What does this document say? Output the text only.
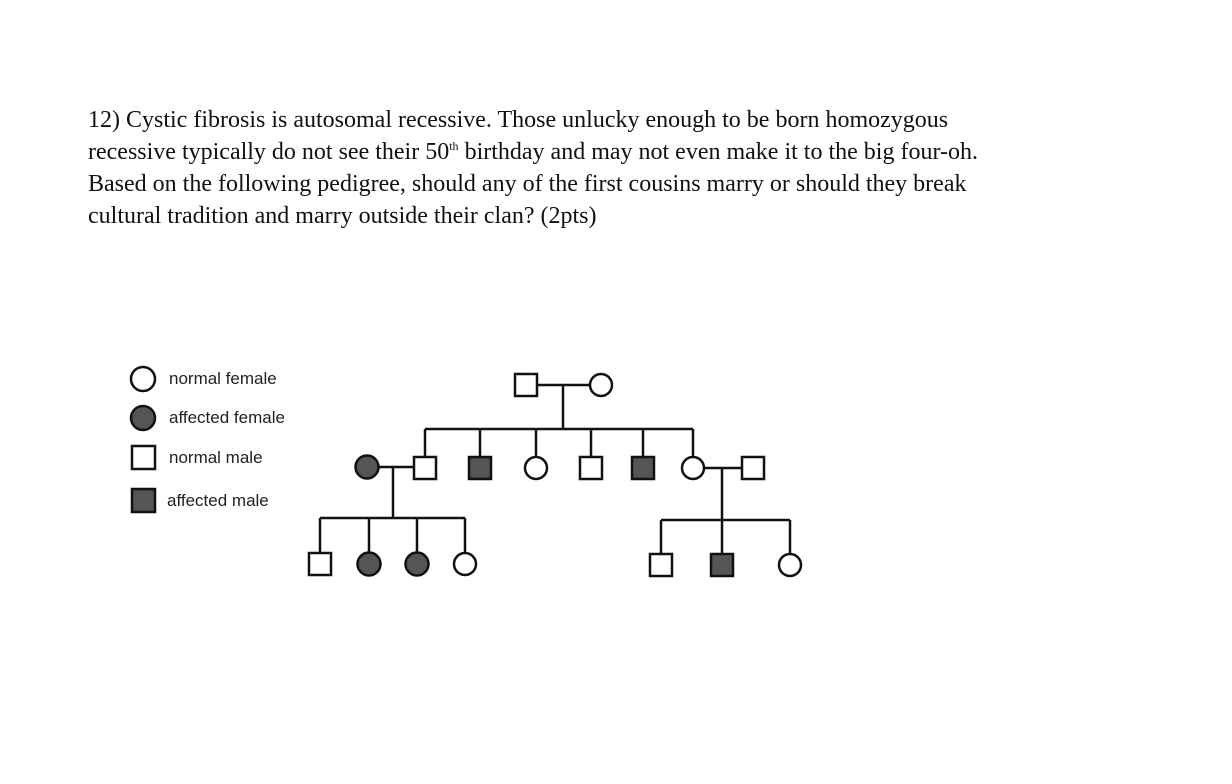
12) Cystic fibrosis is autosomal recessive. Those unlucky enough to be born homozygous
recessive typically do not see their 50th birthday and may not even make it to the big four-oh.
Based on the following pedigree, should any of the first cousins marry or should they break
cultural tradition and marry outside their clan? (2pts)

normal female
affected female
normal male
affected male
